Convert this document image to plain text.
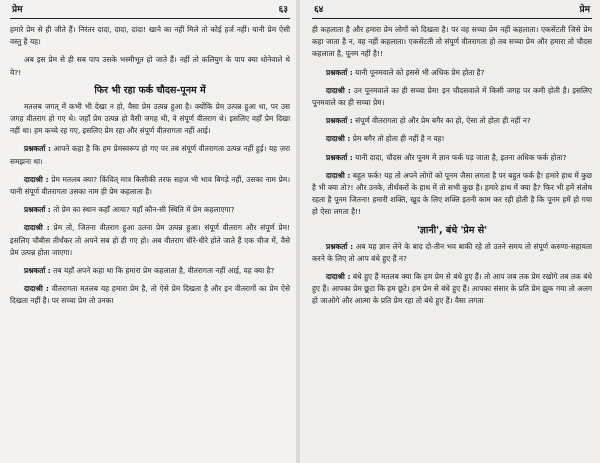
प्रेम	६३

हमारे प्रेम से ही जीते हैं। निरंतर दादा, दादा, दादा! खाने का नहीं मिले तो कोई हर्ज नहीं। यानी प्रेम ऐसी वस्तु है यह।

अब इस प्रेम से ही सब पाप उसके भस्मीभूत हो जाते हैं। नहीं तो कलियुग के पाप क्या धोनेवाले थे ये?!

फिर भी रहा फर्क चौदस-पूनम में

मतलब जगत् में कभी भी देखा न हो, वैसा प्रेम उत्पन्न हुआ है। क्योंकि प्रेम उत्पन्न हुआ था, पर उस जगह वीतराग हो गए थे। जहाँ प्रेम उत्पन्न हो वैसी जगह थी, वे संपूर्ण वीतराग थे। इसलिए वहाँ प्रेम दिखा नहीं था। हम कच्चे रह गए, इसलिए प्रेम रहा और संपूर्ण वीतरागता नहीं आई।

प्रश्नकर्ता : आपने कहा है कि हम प्रेमस्वरूप हो गए पर तब संपूर्ण वीतरागता उत्पन्न नहीं हुई। यह ज़रा समझना था।

दादाश्री : प्रेम मतलब क्या? किंचित् मात्र किसीकी तरफ सहज भी भाव बिगड़े नहीं, उसका नाम प्रेम। यानी संपूर्ण वीतरागता उसका नाम ही प्रेम कहलाता है।

प्रश्नकर्ता : तो प्रेम का स्थान कहाँ आया? यहाँ कौन-सी स्थिति में प्रेम कहलाएगा?

दादाश्री : प्रेम तो, जितना वीतराग हुआ उतना प्रेम उत्पन्न हुआ। संपूर्ण वीतराग और संपूर्ण प्रेम! इसलिए चौबीस तीर्थंकर तो अपने सब हो ही गए हो। अब वीतराग धीरे-धीरे होते जाते हैं एक चीज में, वैसे प्रेम उत्पन्न होता जाएगा।

प्रश्नकर्ता : तब यहाँ अपने कहा था कि हमारा प्रेम कहलाता है, वीतरागता नहीं आई, वह क्या है?

दादाश्री : वीतरागता मतलब यह हमारा प्रेम है, तो ऐसे प्रेम दिखता है और इन वीतरागों का प्रेम ऐसे दिखता नहीं है। पर सच्चा प्रेम तो उनका

६४	प्रेम

ही कहलाता है और हमारा प्रेम लोगों को दिखता है। पर वह सच्चा प्रेम नहीं कहलाता। एकसेंटती जिसे प्रेम कहा जाता है न, वह नहीं कहलाता। एकसेंटती तो संपूर्ण वीतरागता हो तब सच्चा प्रेम और हमारा तो चौदस कहलाता है, पूनम नहीं है!!

प्रश्नकर्ता : यानी पूनमवाले को इससे भी अधिक प्रेम होता है?

दादाश्री : उन पूनमवाले का ही सच्चा प्रेम! इन चौदसवाले में किसी जगह पर कमी होती है। इसलिए पूनमवाले का ही सच्चा प्रेम।

प्रश्नकर्ता : संपूर्ण वीतरागता हो और प्रेम बगैर का हो, ऐसा तो होता ही नहीं न?

दादाश्री : प्रेम बगैर तो होता ही नहीं है न वह!

प्रश्नकर्ता : यानी दादा, चौदस और पूनम में ज्ञान फर्क पड़ जाता है, इतना अधिक फर्क होता?

दादाश्री : बहुत फर्क! यह तो अपने लोगों को पूनम जैसा लगता है पर बहुत फर्क है! हमारे हाथ में कुछ है भी क्या तो?! और उनके, तीर्थंकरों के हाथ में तो सभी कुछ है। हमारे हाथ में क्या है? फिर भी हमें संतोष रहता है पूनम जितना! हमारी शक्ति, खुद के लिए शक्ति इतनी काम कर रही होती है कि पूनम हमें हो गया हो ऐसा लगता है!!

'ज्ञानी', बंधे 'प्रेम से'

प्रश्नकर्ता : अब यह ज्ञान लेने के बाद दो-तीन भव बाकी रहे तो उतने समय तो संपूर्ण करुणा-सहायता करने के लिए तो आप बंधे हुए हैं न?

दादाश्री : बंधे हुए हैं मतलब क्या कि हम प्रेम से बंधे हुए हैं। तो आप जब तक प्रेम रखोगे तब तक बंधे हुए हैं। आपका प्रेम छूटा कि हम छूटे। हम प्रेम से बंधे हुए हैं। आपका संसार के प्रति प्रेम झुक गया तो अलग हो जाओगे और आत्मा के प्रति प्रेम रहा तो बंधे हुए हैं। वैसा लगता
